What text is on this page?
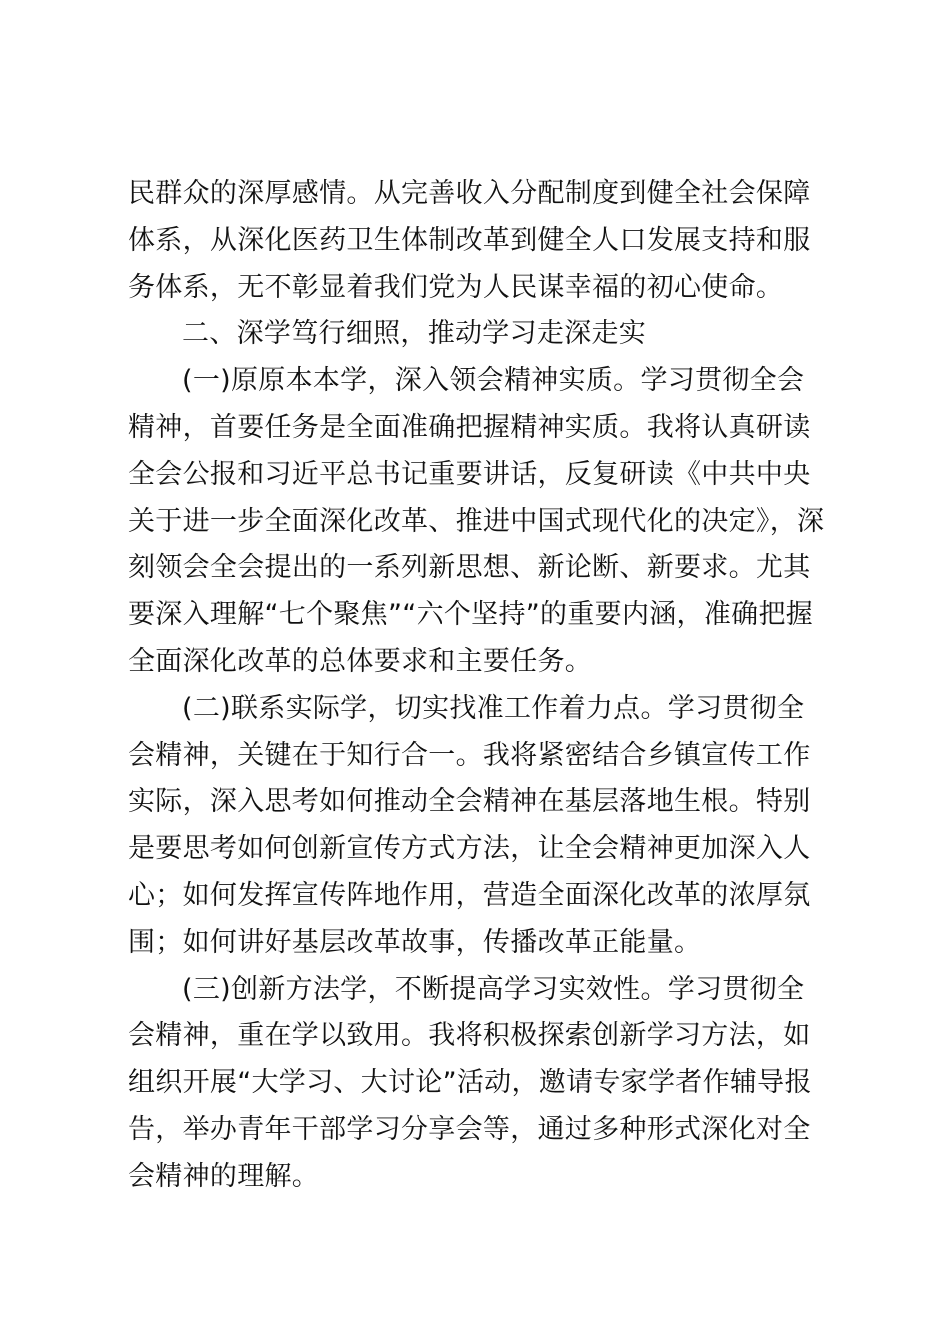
民群众的深厚感情。从完善收入分配制度到健全社会保障体系，从深化医药卫生体制改革到健全人口发展支持和服务体系，无不彰显着我们党为人民谋幸福的初心使命。

二、深学笃行细照，推动学习走深走实

(一)原原本本学，深入领会精神实质。学习贯彻全会精神，首要任务是全面准确把握精神实质。我将认真研读全会公报和习近平总书记重要讲话，反复研读《中共中央关于进一步全面深化改革、推进中国式现代化的决定》，深刻领会全会提出的一系列新思想、新论断、新要求。尤其要深入理解“七个聚焦”“六个坚持”的重要内涵，准确把握全面深化改革的总体要求和主要任务。

(二)联系实际学，切实找准工作着力点。学习贯彻全会精神，关键在于知行合一。我将紧密结合乡镇宣传工作实际，深入思考如何推动全会精神在基层落地生根。特别是要思考如何创新宣传方式方法，让全会精神更加深入人心；如何发挥宣传阵地作用，营造全面深化改革的浓厚氛围；如何讲好基层改革故事，传播改革正能量。

(三)创新方法学，不断提高学习实效性。学习贯彻全会精神，重在学以致用。我将积极探索创新学习方法，如组织开展“大学习、大讨论”活动，邀请专家学者作辅导报告，举办青年干部学习分享会等，通过多种形式深化对全会精神的理解。
